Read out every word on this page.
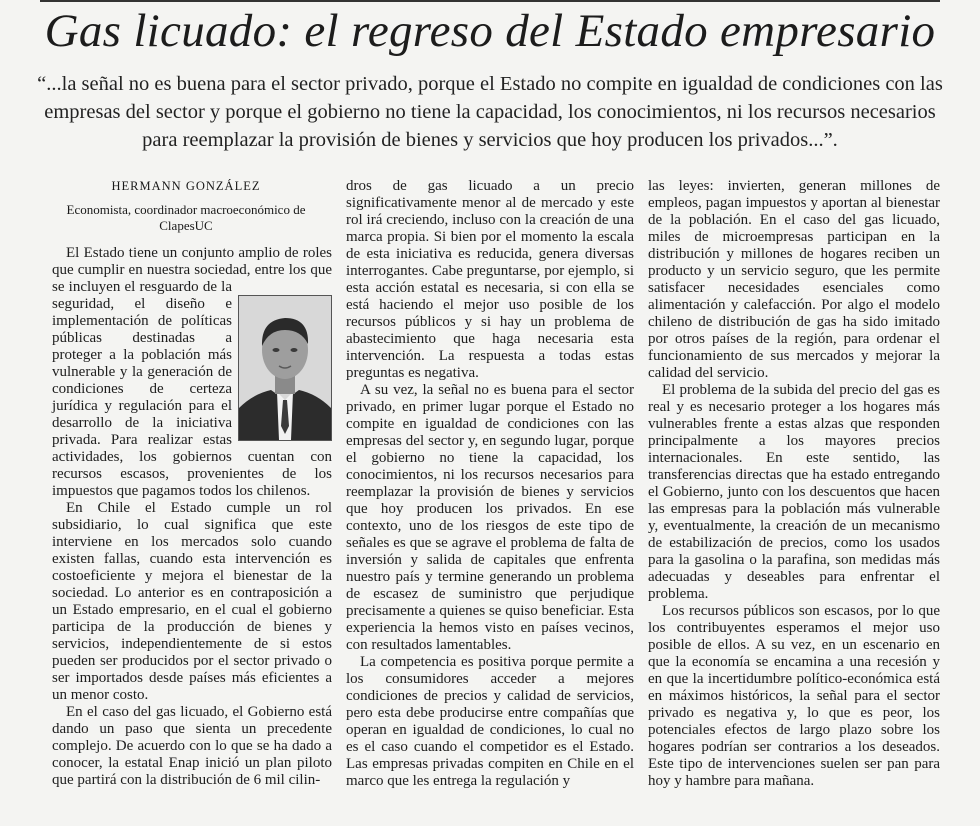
Gas licuado: el regreso del Estado empresario
“...la señal no es buena para el sector privado, porque el Estado no compite en igualdad de condiciones con las empresas del sector y porque el gobierno no tiene la capacidad, los conocimientos, ni los recursos necesarios para reemplazar la provisión de bienes y servicios que hoy producen los privados...”.
HERMANN GONZÁLEZ
Economista, coordinador macroeconómico de ClapesUC

El Estado tiene un conjunto amplio de roles que cumplir en nuestra sociedad, entre los que se incluyen el resguardo de la seguridad, el diseño e implementación de políticas públicas destinadas a proteger a la población más vulnerable y la generación de condiciones de certeza jurídica y regulación para el desarrollo de la iniciativa privada. Para realizar estas actividades, los gobiernos cuentan con recursos escasos, provenientes de los impuestos que pagamos todos los chilenos.

En Chile el Estado cumple un rol subsidiario, lo cual significa que este interviene en los mercados solo cuando existen fallas, cuando esta intervención es costoeficiente y mejora el bienestar de la sociedad. Lo anterior es en contraposición a un Estado empresario, en el cual el gobierno participa de la producción de bienes y servicios, independientemente de si estos pueden ser producidos por el sector privado o ser importados desde países más eficientes a un menor costo.

En el caso del gas licuado, el Gobierno está dando un paso que sienta un precedente complejo. De acuerdo con lo que se ha dado a conocer, la estatal Enap inició un plan piloto que partirá con la distribución de 6 mil cilin-

dros de gas licuado a un precio significativamente menor al de mercado y este rol irá creciendo, incluso con la creación de una marca propia. Si bien por el momento la escala de esta iniciativa es reducida, genera diversas interrogantes. Cabe preguntarse, por ejemplo, si esta acción estatal es necesaria, si con ella se está haciendo el mejor uso posible de los recursos públicos y si hay un problema de abastecimiento que haga necesaria esta intervención. La respuesta a todas estas preguntas es negativa.

A su vez, la señal no es buena para el sector privado, en primer lugar porque el Estado no compite en igualdad de condiciones con las empresas del sector y, en segundo lugar, porque el gobierno no tiene la capacidad, los conocimientos, ni los recursos necesarios para reemplazar la provisión de bienes y servicios que hoy producen los privados. En ese contexto, uno de los riesgos de este tipo de señales es que se agrave el problema de falta de inversión y salida de capitales que enfrenta nuestro país y termine generando un problema de escasez de suministro que perjudique precisamente a quienes se quiso beneficiar. Esta experiencia la hemos visto en países vecinos, con resultados lamentables.

La competencia es positiva porque permite a los consumidores acceder a mejores condiciones de precios y calidad de servicios, pero esta debe producirse entre compañías que operan en igualdad de condiciones, lo cual no es el caso cuando el competidor es el Estado. Las empresas privadas compiten en Chile en el marco que les entrega la regulación y

las leyes: invierten, generan millones de empleos, pagan impuestos y aportan al bienestar de la población. En el caso del gas licuado, miles de microempresas participan en la distribución y millones de hogares reciben un producto y un servicio seguro, que les permite satisfacer necesidades esenciales como alimentación y calefacción. Por algo el modelo chileno de distribución de gas ha sido imitado por otros países de la región, para ordenar el funcionamiento de sus mercados y mejorar la calidad del servicio.

El problema de la subida del precio del gas es real y es necesario proteger a los hogares más vulnerables frente a estas alzas que responden principalmente a los mayores precios internacionales. En este sentido, las transferencias directas que ha estado entregando el Gobierno, junto con los descuentos que hacen las empresas para la población más vulnerable y, eventualmente, la creación de un mecanismo de estabilización de precios, como los usados para la gasolina o la parafina, son medidas más adecuadas y deseables para enfrentar el problema.

Los recursos públicos son escasos, por lo que los contribuyentes esperamos el mejor uso posible de ellos. A su vez, en un escenario en que la economía se encamina a una recesión y en que la incertidumbre político-económica está en máximos históricos, la señal para el sector privado es negativa y, lo que es peor, los potenciales efectos de largo plazo sobre los hogares podrían ser contrarios a los deseados. Este tipo de intervenciones suelen ser pan para hoy y hambre para mañana.
